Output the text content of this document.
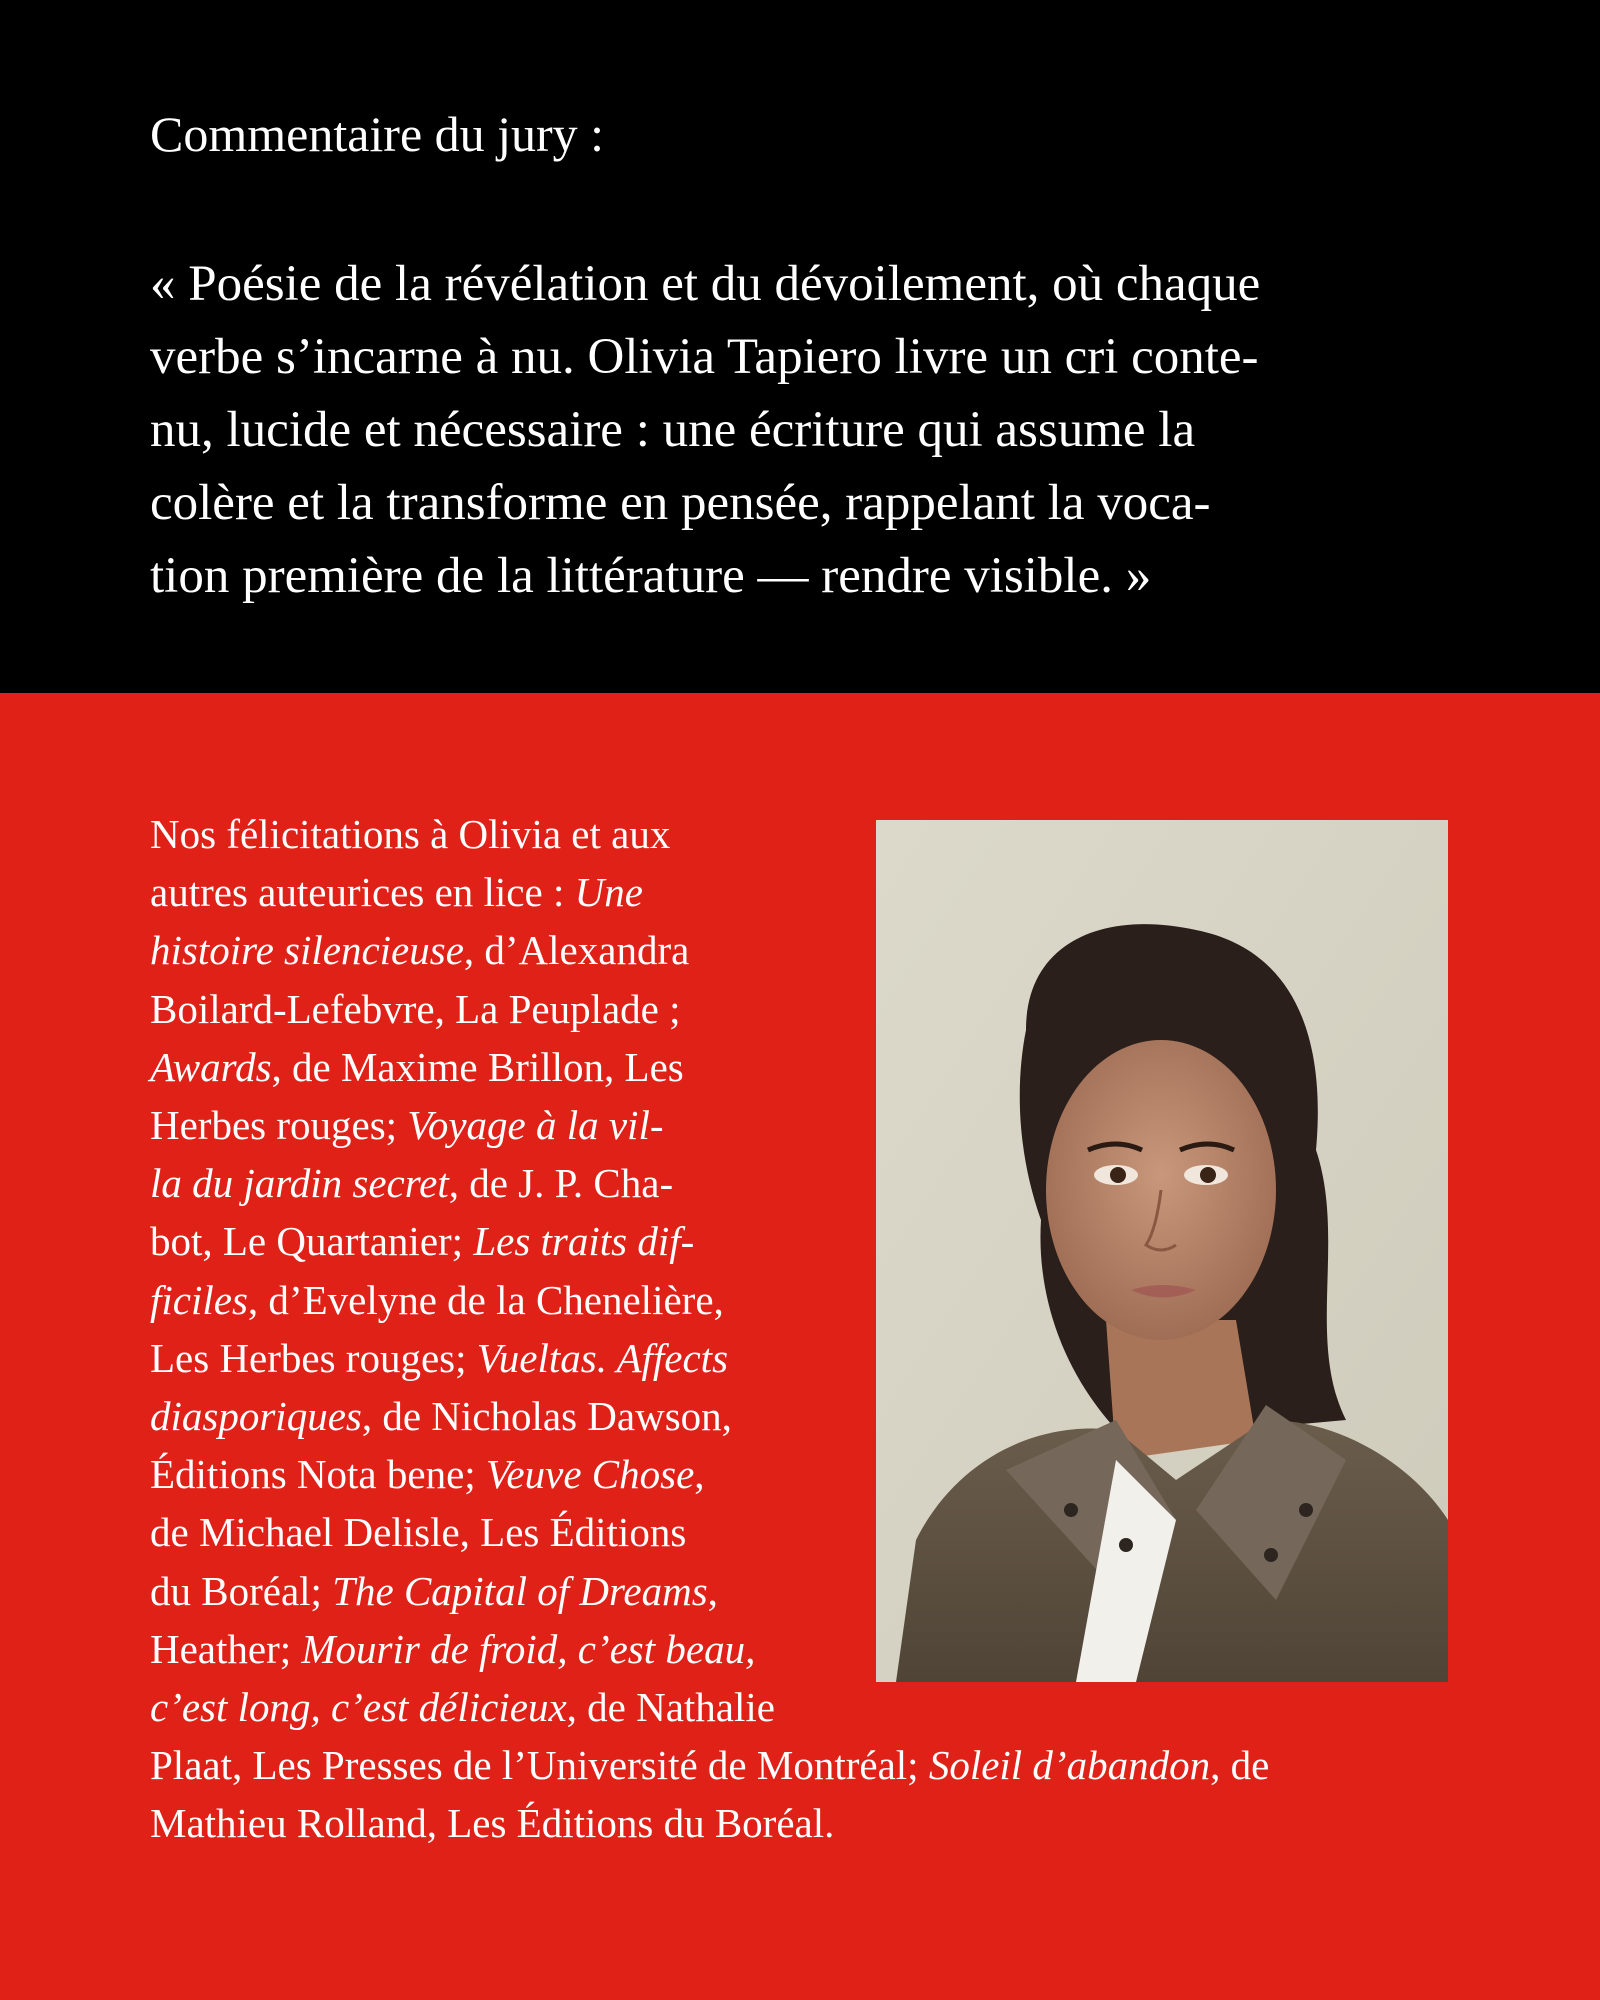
Commentaire du jury :

« Poésie de la révélation et du dévoilement, où chaque
verbe s’incarne à nu. Olivia Tapiero livre un cri conte-
nu, lucide et nécessaire : une écriture qui assume la
colère et la transforme en pensée, rappelant la voca-
tion première de la littérature — rendre visible. »

Nos félicitations à Olivia et aux
autres auteurices en lice : Une
histoire silencieuse, d’Alexandra
Boilard-Lefebvre, La Peuplade ;
Awards, de Maxime Brillon, Les
Herbes rouges; Voyage à la vil-
la du jardin secret, de J. P. Cha-
bot, Le Quartanier; Les traits dif-
ficiles, d’Evelyne de la Chenelière,
Les Herbes rouges; Vueltas. Affects
diasporiques, de Nicholas Dawson,
Éditions Nota bene; Veuve Chose,
de Michael Delisle, Les Éditions
du Boréal; The Capital of Dreams,
Heather; Mourir de froid, c’est beau,
c’est long, c’est délicieux, de Nathalie
Plaat, Les Presses de l’Université de Montréal; Soleil d’abandon, de
Mathieu Rolland, Les Éditions du Boréal.
